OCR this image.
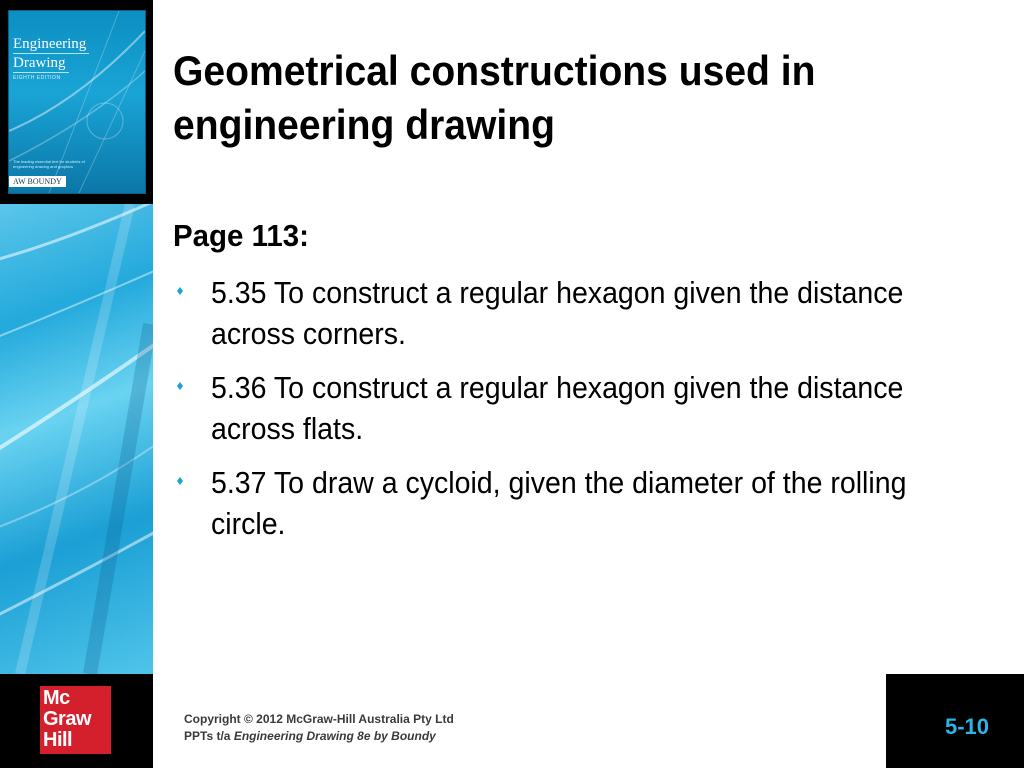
Engineering
Drawing
EIGHTH EDITION
The leading essential text for students of engineering drawing and graphics
AW BOUNDY
Geometrical constructions used in engineering drawing
Page 113:
5.35 To construct a regular hexagon given the distance across corners.
5.36 To construct a regular hexagon given the distance across flats.
5.37 To draw a cycloid, given the diameter of the rolling circle.
Mc
Graw
Hill
Copyright © 2012 McGraw-Hill Australia Pty Ltd
PPTs t/a Engineering Drawing 8e by Boundy	5-10
